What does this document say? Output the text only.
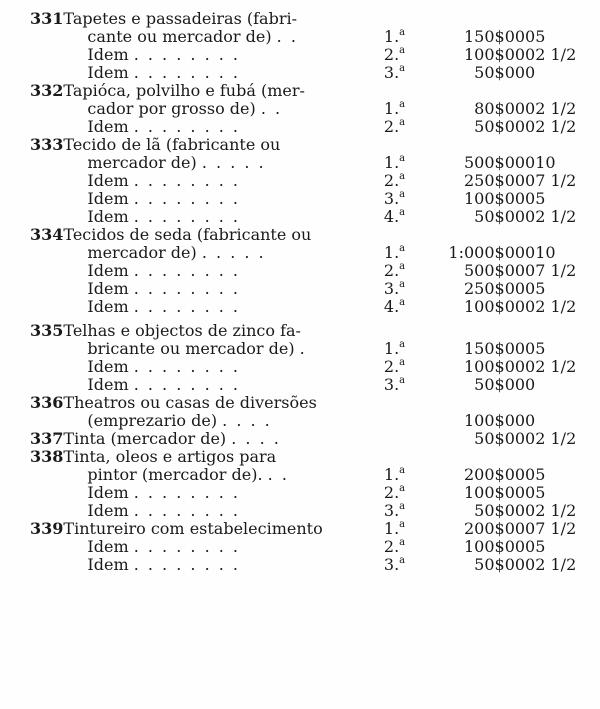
331	Tapetes e passadeiras (fabri-			
	cante ou mercador de) . .	1.$^a$	150$000	5
	Idem . . . . . . . .	2.$^a$	100$000	2 1/2
	Idem . . . . . . . .	3.$^a$	50$000	
332	Tapióca, polvilho e fubá (mer-			
	cador por grosso de) . .	1.$^a$	80$000	2 1/2
	Idem . . . . . . . .	2.$^a$	50$000	2 1/2
333	Tecido de lã (fabricante ou			
	mercador de) . . . . .	1.$^a$	500$000	10
	Idem . . . . . . . .	2.$^a$	250$000	7 1/2
	Idem . . . . . . . .	3.$^a$	100$000	5
	Idem . . . . . . . .	4.$^a$	50$000	2 1/2
334	Tecidos de seda (fabricante ou			
	mercador de) . . . . .	1.$^a$	1:000$000	10
	Idem . . . . . . . .	2.$^a$	500$000	7 1/2
	Idem . . . . . . . .	3.$^a$	250$000	5
	Idem . . . . . . . .	4.$^a$	100$000	2 1/2

335	Telhas e objectos de zinco fa-			
	bricante ou mercador de) .	1.$^a$	150$000	5
	Idem . . . . . . . .	2.$^a$	100$000	2 1/2
	Idem . . . . . . . .	3.$^a$	50$000	
336	Theatros ou casas de diversões			
	(emprezario de) . . . .		100$000	
337	Tinta (mercador de) . . . .		50$000	2 1/2
338	Tinta, oleos e artigos para			
	pintor (mercador de). . .	1.$^a$	200$000	5
	Idem . . . . . . . .	2.$^a$	100$000	5
	Idem . . . . . . . .	3.$^a$	50$000	2 1/2
339	Tintureiro com estabelecimento	1.$^a$	200$000	7 1/2
	Idem . . . . . . . .	2.$^a$	100$000	5
	Idem . . . . . . . .	3.$^a$	50$000	2 1/2
